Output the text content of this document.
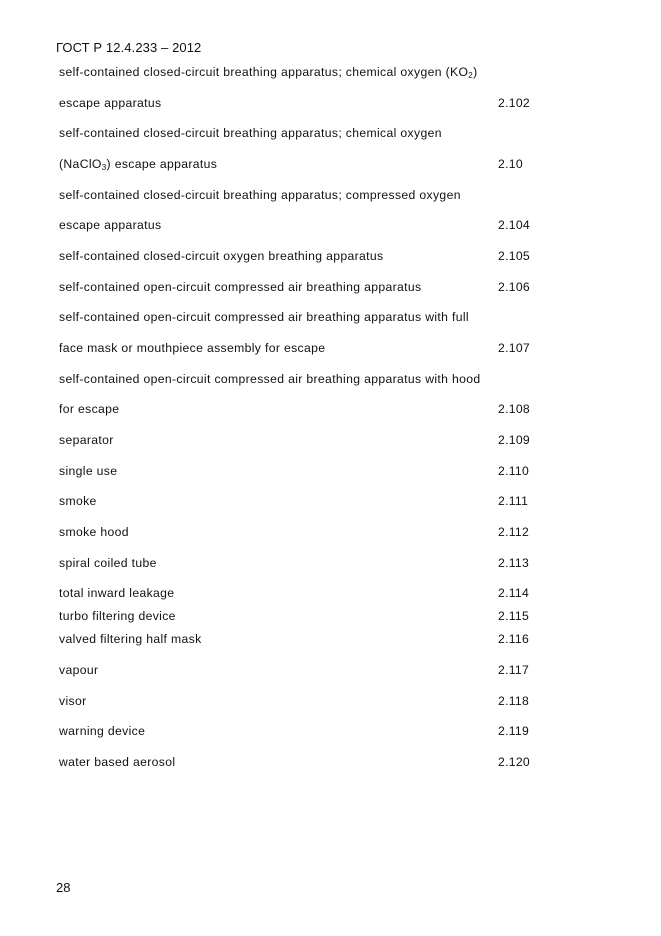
ГОСТ Р 12.4.233 – 2012
self-contained closed-circuit breathing apparatus; chemical oxygen $(KO_2)$
escape apparatus	2.102
self-contained closed-circuit breathing apparatus; chemical oxygen
(NaClO$_3$) escape apparatus	2.10
self-contained closed-circuit breathing apparatus; compressed oxygen
escape apparatus	2.104
self-contained closed-circuit oxygen breathing apparatus	2.105
self-contained open-circuit compressed air breathing apparatus	2.106
self-contained open-circuit compressed air breathing apparatus with full
face mask or mouthpiece assembly for escape	2.107
self-contained open-circuit compressed air breathing apparatus with hood
for escape	2.108
separator	2.109
single use	2.110
smoke	2.111
smoke hood	2.112
spiral coiled tube	2.113
total inward leakage	2.114
turbo filtering device	2.115
valved filtering half mask	2.116
vapour	2.117
visor	2.118
warning device	2.119
water based aerosol	2.120
28
